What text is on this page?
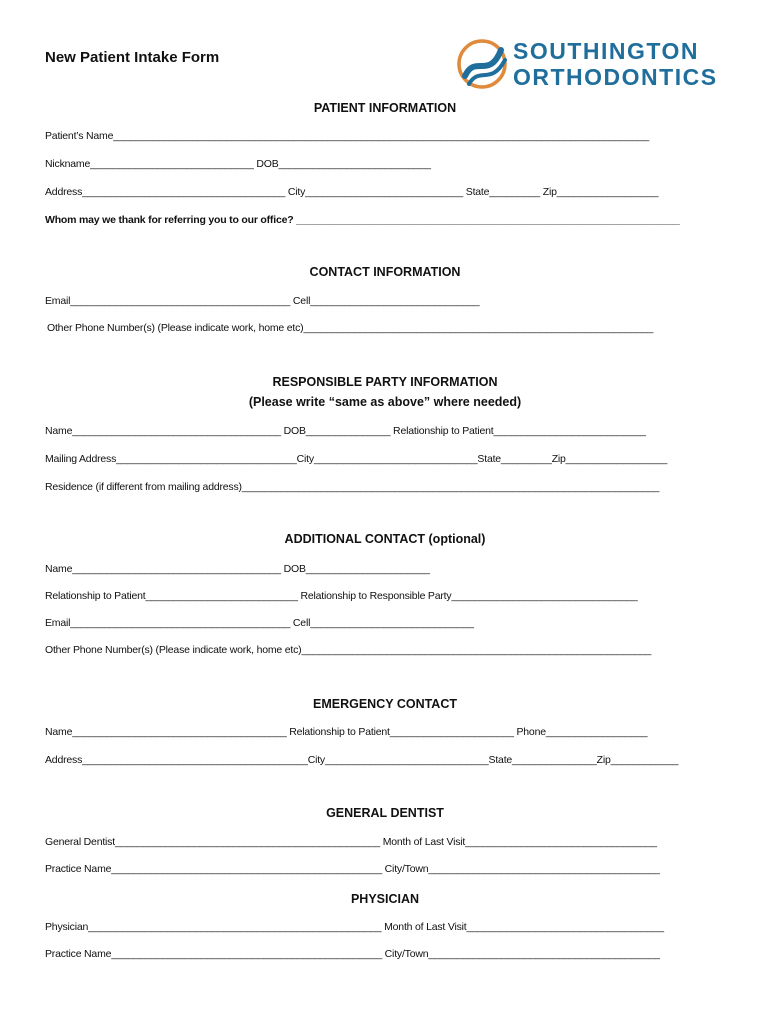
New Patient Intake Form	SOUTHINGTON
ORTHODONTICS
PATIENT INFORMATION
Patient’s Name_______________________________________________________________________________________________
Nickname_____________________________ DOB___________________________
Address____________________________________ City____________________________ State_________ Zip__________________
Whom may we thank for referring you to our office? ____________________________________________________________________
CONTACT INFORMATION
Email_______________________________________ Cell______________________________
Other Phone Number(s) (Please indicate work, home etc)______________________________________________________________
RESPONSIBLE PARTY INFORMATION
(Please write “same as above” where needed)
Name_____________________________________ DOB_______________ Relationship to Patient___________________________
Mailing Address________________________________City_____________________________State_________Zip__________________
Residence (if different from mailing address)__________________________________________________________________________
ADDITIONAL CONTACT (optional)
Name_____________________________________ DOB______________________
Relationship to Patient___________________________ Relationship to Responsible Party_________________________________
Email_______________________________________ Cell_____________________________
Other Phone Number(s) (Please indicate work, home etc)______________________________________________________________
EMERGENCY CONTACT
Name______________________________________ Relationship to Patient______________________ Phone__________________
Address________________________________________City_____________________________State_______________Zip____________
GENERAL DENTIST
General Dentist_______________________________________________ Month of Last Visit__________________________________
Practice Name________________________________________________ City/Town_________________________________________
PHYSICIAN
Physician____________________________________________________ Month of Last Visit___________________________________
Practice Name________________________________________________ City/Town_________________________________________
